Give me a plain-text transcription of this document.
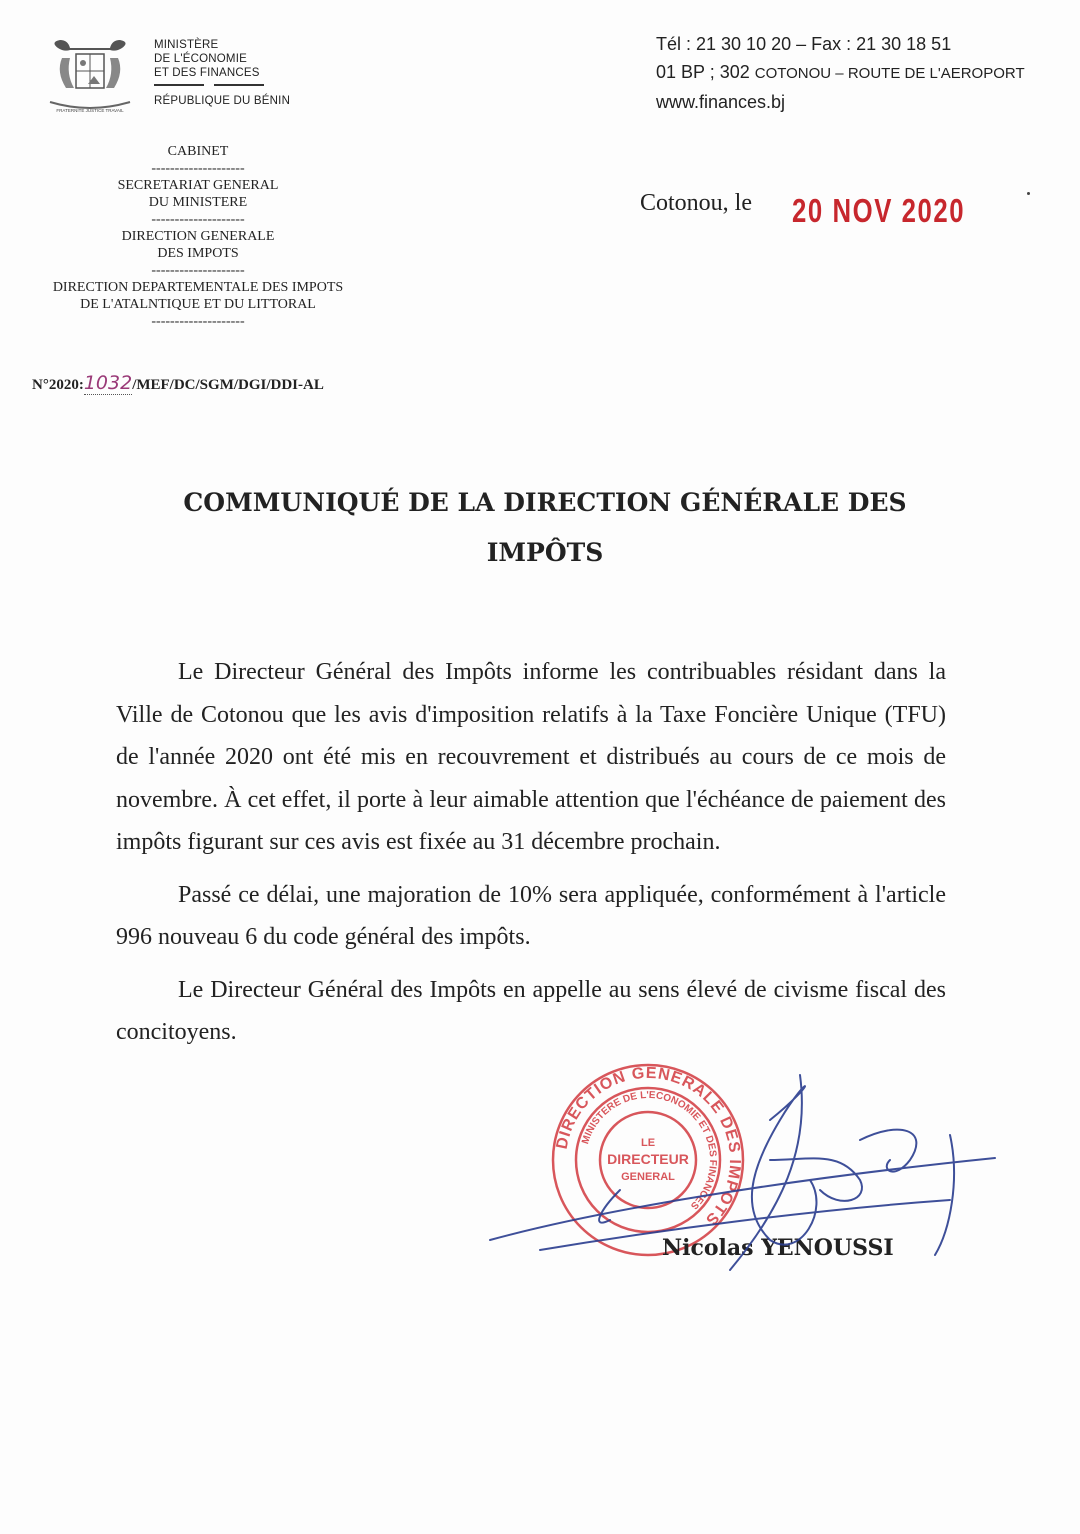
FRATERNITÉ JUSTICE TRAVAIL
MINISTÈRE
DE L'ÉCONOMIE
ET DES FINANCES
RÉPUBLIQUE DU BÉNIN
Tél : 21 30 10 20 – Fax : 21 30 18 51
01 BP ; 302 COTONOU – ROUTE DE L'AEROPORT
www.finances.bj
CABINET
--------------------
SECRETARIAT GENERAL
DU MINISTERE
--------------------
DIRECTION GENERALE
DES IMPOTS
--------------------
DIRECTION DEPARTEMENTALE DES IMPOTS
DE L'ATALNTIQUE ET DU LITTORAL
--------------------
Cotonou, le 20 NOV 2020
N°2020:1032/MEF/DC/SGM/DGI/DDI-AL
COMMUNIQUÉ DE LA DIRECTION GÉNÉRALE DES
IMPÔTS

Le Directeur Général des Impôts informe les contribuables résidant dans la Ville de Cotonou que les avis d'imposition relatifs à la Taxe Foncière Unique (TFU) de l'année 2020 ont été mis en recouvrement et distribués au cours de ce mois de novembre. À cet effet, il porte à leur aimable attention que l'échéance de paiement des impôts figurant sur ces avis est fixée au 31 décembre prochain.

Passé ce délai, une majoration de 10% sera appliquée, conformément à l'article 996 nouveau 6 du code général des impôts.

Le Directeur Général des Impôts en appelle au sens élevé de civisme fiscal des concitoyens.

DIRECTION GENERALE DES IMPOTS
MINISTERE DE L'ECONOMIE ET DES FINANCES
LE
DIRECTEUR
GENERAL
Nicolas YENOUSSI
